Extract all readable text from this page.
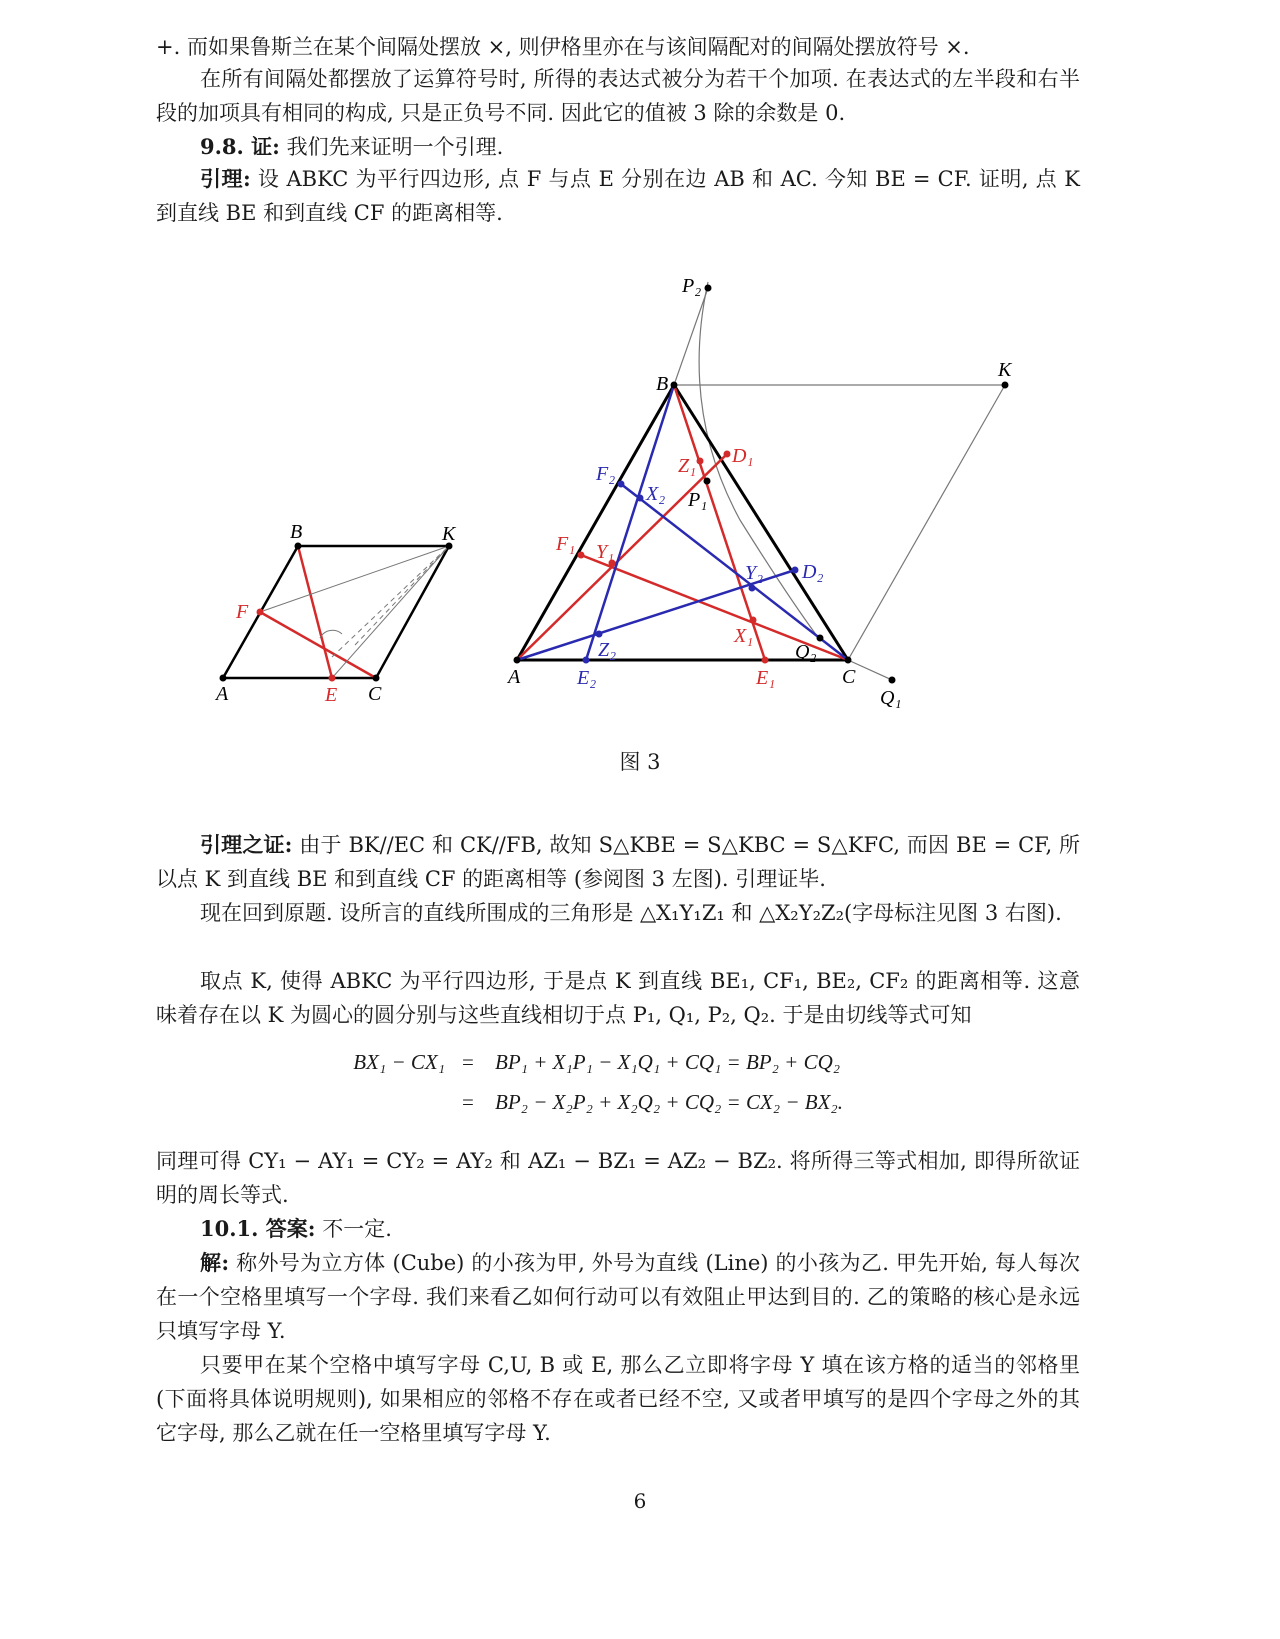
+. 而如果鲁斯兰在某个间隔处摆放 ×, 则伊格里亦在与该间隔配对的间隔处摆放符号 ×.

在所有间隔处都摆放了运算符号时, 所得的表达式被分为若干个加项. 在表达式的左半段和右半段的加项具有相同的构成, 只是正负号不同. 因此它的值被 3 除的余数是 0.

9.8. 证: 我们先来证明一个引理.

引理: 设 ABKC 为平行四边形, 点 F 与点 E 分别在边 AB 和 AC. 今知 BE = CF. 证明, 点 K 到直线 BE 和到直线 CF 的距离相等.

A
B	K
C
E
F
A
B
C
K
P₂
P₁
Q₁
Q₂
D₁
D₂
E₁
E₂
F₁
F₂
X₁
X₂
Y₁
Y₂
Z₁
Z₂
图 3

引理之证: 由于 BK//EC 和 CK//FB, 故知 S△KBE = S△KBC = S△KFC, 而因 BE = CF, 所以点 K 到直线 BE 和到直线 CF 的距离相等 (参阅图 3 左图). 引理证毕.

现在回到原题. 设所言的直线所围成的三角形是 △X₁Y₁Z₁ 和 △X₂Y₂Z₂(字母标注见图 3 右图).

取点 K, 使得 ABKC 为平行四边形, 于是点 K 到直线 BE₁, CF₁, BE₂, CF₂ 的距离相等. 这意味着存在以 K 为圆心的圆分别与这些直线相切于点 P₁, Q₁, P₂, Q₂. 于是由切线等式可知

BX₁ − CX₁ = BP₁ + X₁P₁ − X₁Q₁ + CQ₁ = BP₂ + CQ₂
= BP₂ − X₂P₂ + X₂Q₂ + CQ₂ = CX₂ − BX₂.

同理可得 CY₁ − AY₁ = CY₂ = AY₂ 和 AZ₁ − BZ₁ = AZ₂ − BZ₂. 将所得三等式相加, 即得所欲证明的周长等式.

10.1. 答案: 不一定.

解: 称外号为立方体 (Cube) 的小孩为甲, 外号为直线 (Line) 的小孩为乙. 甲先开始, 每人每次在一个空格里填写一个字母. 我们来看乙如何行动可以有效阻止甲达到目的. 乙的策略的核心是永远只填写字母 Y.

只要甲在某个空格中填写字母 C,U, B 或 E, 那么乙立即将字母 Y 填在该方格的适当的邻格里 (下面将具体说明规则), 如果相应的邻格不存在或者已经不空, 又或者甲填写的是四个字母之外的其它字母, 那么乙就在任一空格里填写字母 Y.

6
